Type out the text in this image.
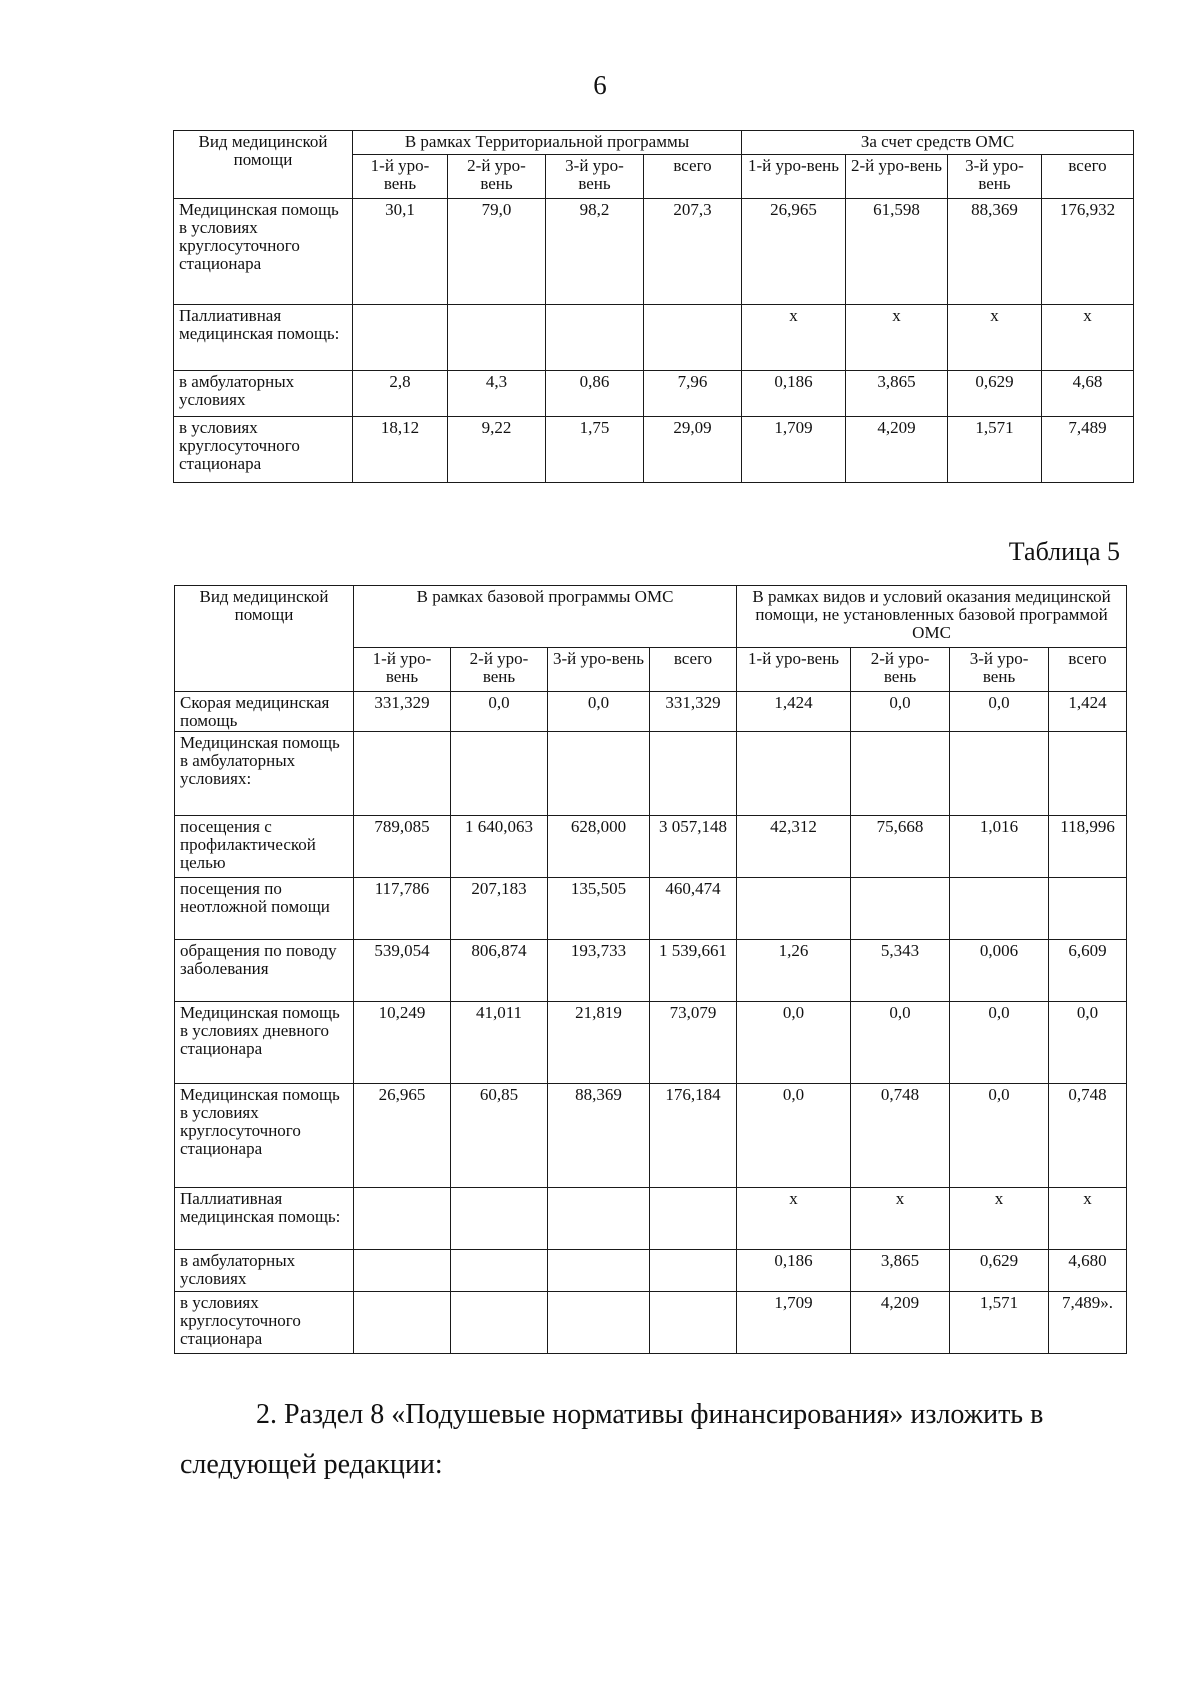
6
Вид медицинской помощи	В рамках Территориальной программы				За счет средств ОМС			
	1-й уро-вень	2-й уро-вень	3-й уро-вень	всего	1-й уро-вень	2-й уро-вень	3-й уро-вень	всего
Медицинская помощь в условиях круглосуточного стационара	30,1	79,0	98,2	207,3	26,965	61,598	88,369	176,932
Паллиативная медицинская помощь:					х	х	х	х
в амбулаторных условиях	2,8	4,3	0,86	7,96	0,186	3,865	0,629	4,68
в условиях круглосуточного стационара	18,12	9,22	1,75	29,09	1,709	4,209	1,571	7,489
Таблица 5
Вид медицинской помощи	В рамках базовой программы ОМС				В рамках видов и условий оказания медицинской помощи, не установленных базовой программой ОМС			
	1-й уро-вень	2-й уро-вень	3-й уро-вень	всего	1-й уро-вень	2-й уро-вень	3-й уро-вень	всего
Скорая медицинская помощь	331,329	0,0	0,0	331,329	1,424	0,0	0,0	1,424
Медицинская помощь в амбулаторных условиях:								
посещения с профилактической целью	789,085	1 640,063	628,000	3 057,148	42,312	75,668	1,016	118,996
посещения по неотложной помощи	117,786	207,183	135,505	460,474				
обращения по поводу заболевания	539,054	806,874	193,733	1 539,661	1,26	5,343	0,006	6,609
Медицинская помощь в условиях дневного стационара	10,249	41,011	21,819	73,079	0,0	0,0	0,0	0,0
Медицинская помощь в условиях круглосуточного стационара	26,965	60,85	88,369	176,184	0,0	0,748	0,0	0,748
Паллиативная медицинская помощь:					х	х	х	х
в амбулаторных условиях					0,186	3,865	0,629	4,680
в условиях круглосуточного стационара					1,709	4,209	1,571	7,489».
2. Раздел 8 «Подушевые нормативы финансирования» изложить в следующей редакции:
